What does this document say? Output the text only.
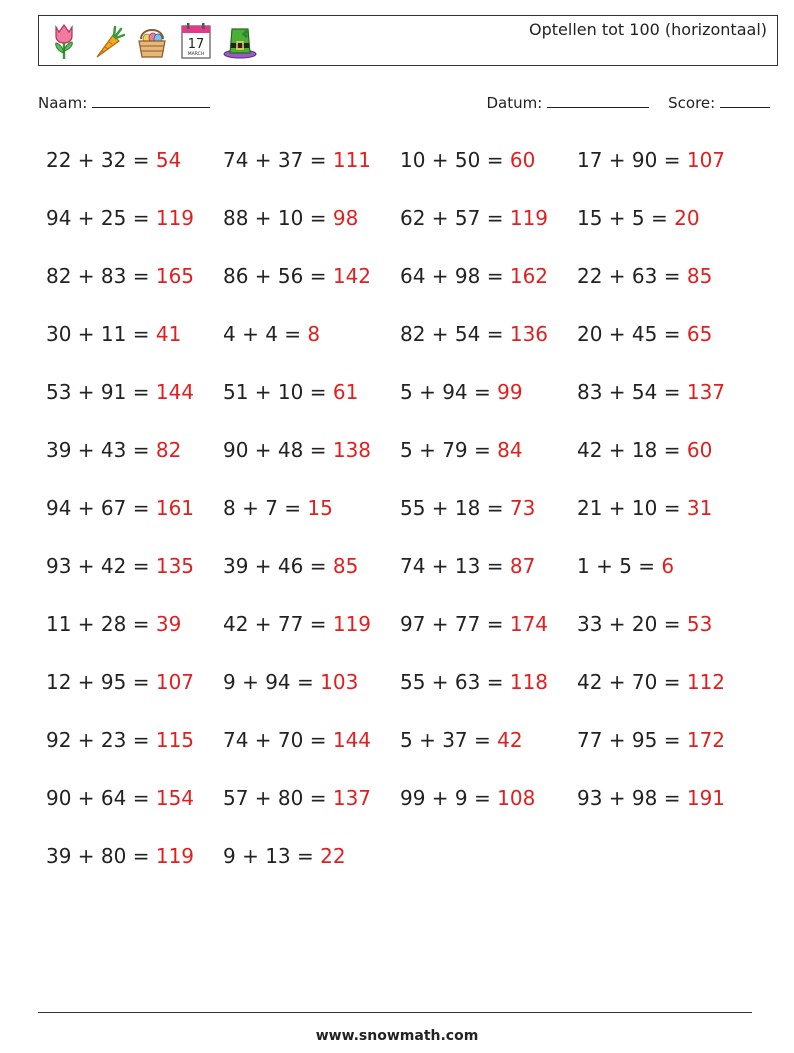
17
MARCH
Optellen tot 100 (horizontaal)
Naam:	Datum:	Score:
22 + 32 = 54 74 + 37 = 111 10 + 50 = 60 17 + 90 = 107
94 + 25 = 119 88 + 10 = 98 62 + 57 = 119 15 + 5 = 20
82 + 83 = 165 86 + 56 = 142 64 + 98 = 162 22 + 63 = 85
30 + 11 = 41 4 + 4 = 8	82 + 54 = 136 20 + 45 = 65
53 + 91 = 144 51 + 10 = 61 5 + 94 = 99	83 + 54 = 137
39 + 43 = 82 90 + 48 = 138 5 + 79 = 84	42 + 18 = 60
94 + 67 = 161 8 + 7 = 15	55 + 18 = 73 21 + 10 = 31
93 + 42 = 135 39 + 46 = 85 74 + 13 = 87 1 + 5 = 6
11 + 28 = 39 42 + 77 = 119 97 + 77 = 174 33 + 20 = 53
12 + 95 = 107 9 + 94 = 103 55 + 63 = 118 42 + 70 = 112
92 + 23 = 115 74 + 70 = 144 5 + 37 = 42	77 + 95 = 172
90 + 64 = 154 57 + 80 = 137 99 + 9 = 108 93 + 98 = 191
39 + 80 = 119 9 + 13 = 22
www.snowmath.com
